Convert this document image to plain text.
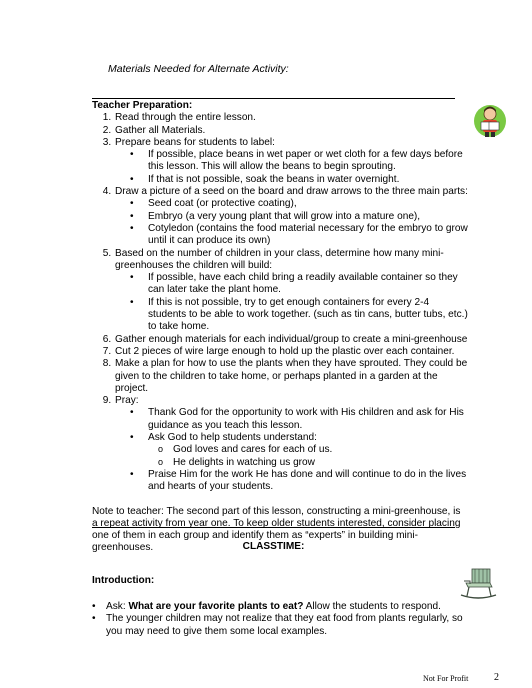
Materials Needed for Alternate Activity:
Teacher Preparation:
1. Read through the entire lesson.
2. Gather all Materials.
3. Prepare beans for students to label:
• If possible, place beans in wet paper or wet cloth for a few days before this lesson. This will allow the beans to begin sprouting.
• If that is not possible, soak the beans in water overnight.
4. Draw a picture of a seed on the board and draw arrows to the three main parts:
• Seed coat (or protective coating),
• Embryo (a very young plant that will grow into a mature one),
• Cotyledon (contains the food material necessary for the embryo to grow until it can produce its own)
5. Based on the number of children in your class, determine how many mini-greenhouses the children will build:
• If possible, have each child bring a readily available container so they can later take the plant home.
• If this is not possible, try to get enough containers for every 2-4 students to be able to work together. (such as tin cans, butter tubs, etc.) to take home.
6. Gather enough materials for each individual/group to create a mini-greenhouse
7. Cut 2 pieces of wire large enough to hold up the plastic over each container.
8. Make a plan for how to use the plants when they have sprouted. They could be given to the children to take home, or perhaps planted in a garden at the project.
9. Pray:
• Thank God for the opportunity to work with His children and ask for His guidance as you teach this lesson.
• Ask God to help students understand:
o God loves and cares for each of us.
o He delights in watching us grow
• Praise Him for the work He has done and will continue to do in the lives and hearts of your students.
Note to teacher: The second part of this lesson, constructing a mini-greenhouse, is a repeat activity from year one. To keep older students interested, consider placing one of them in each group and identify them as “experts” in building mini-greenhouses.	CLASSTIME:
Introduction:
• Ask: What are your favorite plants to eat? Allow the students to respond.
• The younger children may not realize that they eat food from plants regularly, so you may need to give them some local examples.
Not For Profit	2
